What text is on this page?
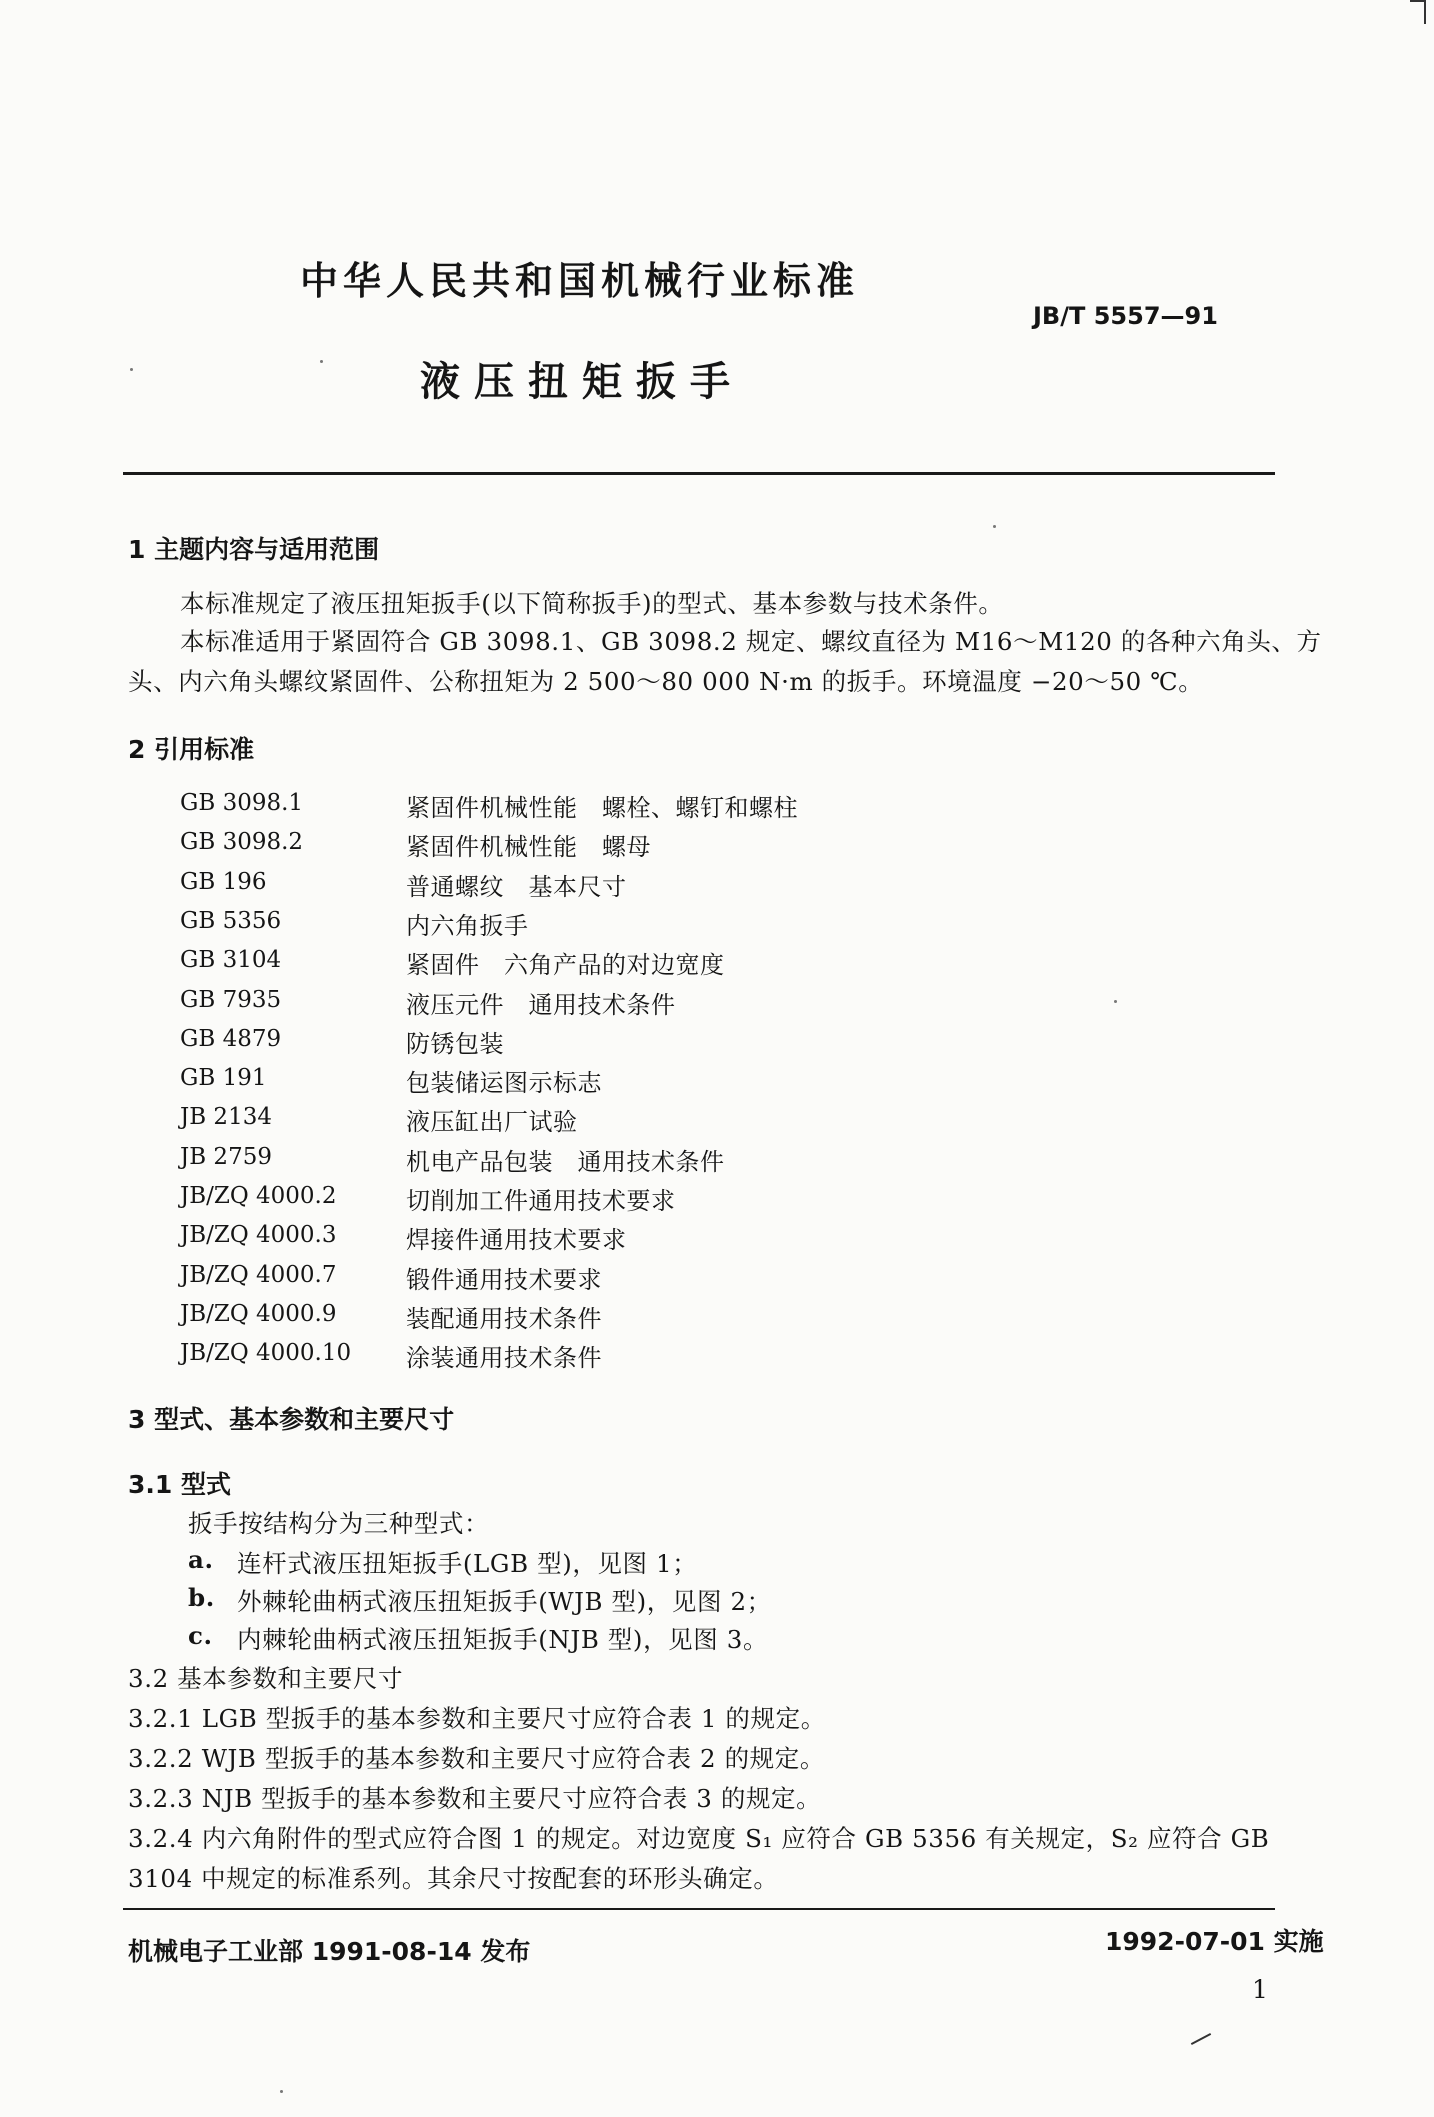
中华人民共和国机械行业标准
JB/T 5557—91
液压扭矩扳手
1 主题内容与适用范围
本标准规定了液压扭矩扳手(以下简称扳手)的型式、基本参数与技术条件。
本标准适用于紧固符合 GB 3098.1、GB 3098.2 规定、螺纹直径为 M16～M120 的各种六角头、方
头、内六角头螺纹紧固件、公称扭矩为 2 500～80 000 N·m 的扳手。环境温度 −20～50 ℃。
2 引用标准
GB 3098.1	紧固件机械性能　螺栓、螺钉和螺柱
GB 3098.2	紧固件机械性能　螺母
GB 196	普通螺纹　基本尺寸
GB 5356	内六角扳手
GB 3104	紧固件　六角产品的对边宽度
GB 7935	液压元件　通用技术条件
GB 4879	防锈包装
GB 191	包装储运图示标志
JB 2134	液压缸出厂试验
JB 2759	机电产品包装　通用技术条件
JB/ZQ 4000.2	切削加工件通用技术要求
JB/ZQ 4000.3	焊接件通用技术要求
JB/ZQ 4000.7	锻件通用技术要求
JB/ZQ 4000.9	装配通用技术条件
JB/ZQ 4000.10 涂装通用技术条件
3 型式、基本参数和主要尺寸
3.1 型式
扳手按结构分为三种型式：
a. 连杆式液压扭矩扳手(LGB 型)，见图 1；
b. 外棘轮曲柄式液压扭矩扳手(WJB 型)，见图 2；
c. 内棘轮曲柄式液压扭矩扳手(NJB 型)，见图 3。
3.2 基本参数和主要尺寸
3.2.1 LGB 型扳手的基本参数和主要尺寸应符合表 1 的规定。
3.2.2 WJB 型扳手的基本参数和主要尺寸应符合表 2 的规定。
3.2.3 NJB 型扳手的基本参数和主要尺寸应符合表 3 的规定。
3.2.4 内六角附件的型式应符合图 1 的规定。对边宽度 S₁ 应符合 GB 5356 有关规定，S₂ 应符合 GB
3104 中规定的标准系列。其余尺寸按配套的环形头确定。
机械电子工业部 1991-08-14 发布	1992-07-01 实施
1
